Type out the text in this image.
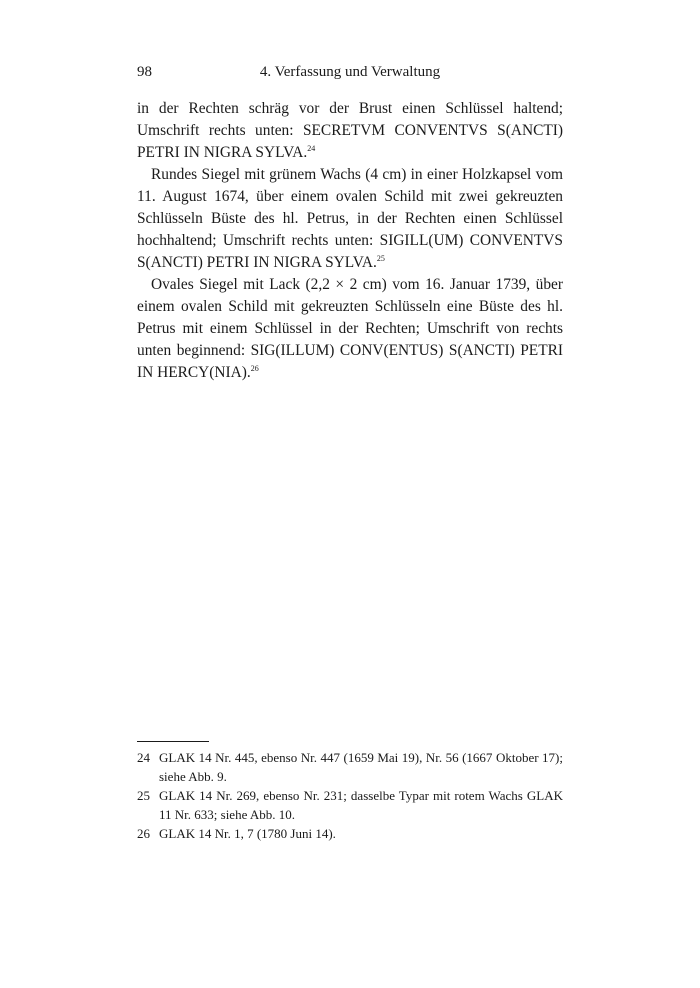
98	4. Verfassung und Verwaltung

in der Rechten schräg vor der Brust einen Schlüssel haltend; Umschrift rechts unten: SECRETVM CONVENTVS S(ANCTI) PETRI IN NIGRA SYLVA.$^{24}$

Rundes Siegel mit grünem Wachs (4 cm) in einer Holzkapsel vom 11. August 1674, über einem ovalen Schild mit zwei gekreuzten Schlüsseln Büste des hl. Petrus, in der Rechten einen Schlüssel hochhaltend; Umschrift rechts unten: SIGILL(UM) CONVENTVS S(ANCTI) PETRI IN NIGRA SYLVA.$^{25}$

Ovales Siegel mit Lack (2,2 × 2 cm) vom 16. Januar 1739, über einem ovalen Schild mit gekreuzten Schlüsseln eine Büste des hl. Petrus mit einem Schlüssel in der Rechten; Umschrift von rechts unten beginnend: SIG(ILLUM) CONV(ENTUS) S(ANCTI) PETRI IN HERCY(NIA).$^{26}$

24 GLAK 14 Nr. 445, ebenso Nr. 447 (1659 Mai 19), Nr. 56 (1667 Oktober 17); siehe Abb. 9.
25 GLAK 14 Nr. 269, ebenso Nr. 231; dasselbe Typar mit rotem Wachs GLAK 11 Nr. 633; siehe Abb. 10.
26 GLAK 14 Nr. 1, 7 (1780 Juni 14).
